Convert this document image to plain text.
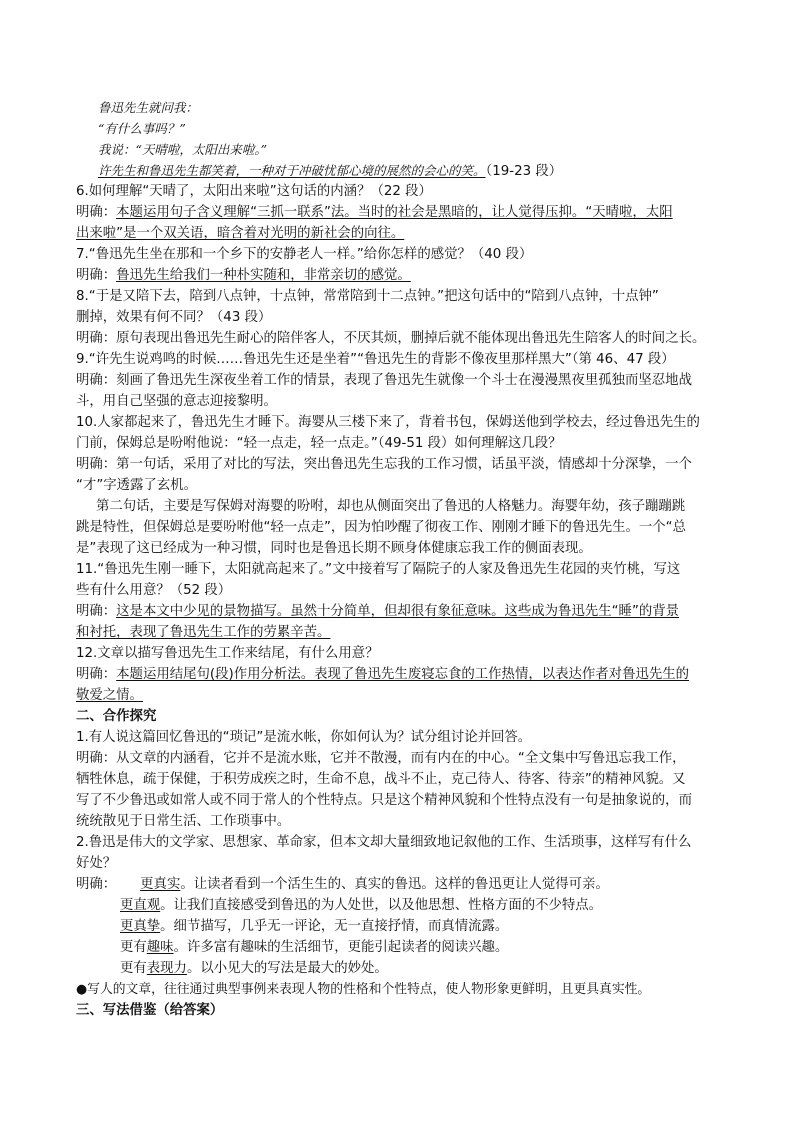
鲁迅先生就问我：
“有什么事吗？”
我说：“天晴啦，太阳出来啦。”
许先生和鲁迅先生都笑着，一种对于冲破忧郁心境的展然的会心的笑。（19-23 段）
6.如何理解“天晴了，太阳出来啦”这句话的内涵？（22 段）
明确：本题运用句子含义理解“三抓一联系”法。当时的社会是黑暗的，让人觉得压抑。“天晴啦，太阳
出来啦”是一个双关语，暗含着对光明的新社会的向往。
7.“鲁迅先生坐在那和一个乡下的安静老人一样。”给你怎样的感觉？（40 段）
明确：鲁迅先生给我们一种朴实随和，非常亲切的感觉。
8.“于是又陪下去，陪到八点钟，十点钟，常常陪到十二点钟。”把这句话中的“陪到八点钟，十点钟”
删掉，效果有何不同？（43 段）
明确：原句表现出鲁迅先生耐心的陪伴客人，不厌其烦，删掉后就不能体现出鲁迅先生陪客人的时间之长。
9.“许先生说鸡鸣的时候……鲁迅先生还是坐着”“鲁迅先生的背影不像夜里那样黑大”（第 46、47 段）
明确：刻画了鲁迅先生深夜坐着工作的情景，表现了鲁迅先生就像一个斗士在漫漫黑夜里孤独而坚忍地战
斗，用自己坚强的意志迎接黎明。
10.人家都起来了，鲁迅先生才睡下。海婴从三楼下来了，背着书包，保姆送他到学校去，经过鲁迅先生的
门前，保姆总是吩咐他说：“轻一点走，轻一点走。”（49-51 段）如何理解这几段？
明确：第一句话，采用了对比的写法，突出鲁迅先生忘我的工作习惯，话虽平淡，情感却十分深挚，一个
“才”字透露了玄机。
第二句话，主要是写保姆对海婴的吩咐，却也从侧面突出了鲁迅的人格魅力。海婴年幼，孩子蹦蹦跳
跳是特性，但保姆总是要吩咐他“轻一点走”，因为怕吵醒了彻夜工作、刚刚才睡下的鲁迅先生。一个“总
是”表现了这已经成为一种习惯，同时也是鲁迅长期不顾身体健康忘我工作的侧面表现。
11.“鲁迅先生刚一睡下，太阳就高起来了。”文中接着写了隔院子的人家及鲁迅先生花园的夹竹桃，写这
些有什么用意？（52 段）
明确：这是本文中少见的景物描写。虽然十分简单，但却很有象征意味。这些成为鲁迅先生“睡”的背景
和衬托，表现了鲁迅先生工作的劳累辛苦。
12.文章以描写鲁迅先生工作来结尾，有什么用意？
明确：本题运用结尾句(段)作用分析法。表现了鲁迅先生废寝忘食的工作热情，以表达作者对鲁迅先生的
敬爱之情。
二、合作探究
1.有人说这篇回忆鲁迅的“琐记”是流水帐，你如何认为？试分组讨论并回答。
明确：从文章的内涵看，它并不是流水账，它并不散漫，而有内在的中心。“全文集中写鲁迅忘我工作，
牺牲休息，疏于保健，于积劳成疾之时，生命不息，战斗不止，克己待人、待客、待亲”的精神风貌。又
写了不少鲁迅或如常人或不同于常人的个性特点。只是这个精神风貌和个性特点没有一句是抽象说的，而
统统散见于日常生活、工作琐事中。
2.鲁迅是伟大的文学家、思想家、革命家，但本文却大量细致地记叙他的工作、生活琐事，这样写有什么
好处？
明确： 更真实。让读者看到一个活生生的、真实的鲁迅。这样的鲁迅更让人觉得可亲。
更直观。让我们直接感受到鲁迅的为人处世，以及他思想、性格方面的不少特点。
更真挚。细节描写，几乎无一评论，无一直接抒情，而真情流露。
更有趣味。许多富有趣味的生活细节，更能引起读者的阅读兴趣。
更有表现力。以小见大的写法是最大的妙处。
●写人的文章，往往通过典型事例来表现人物的性格和个性特点，使人物形象更鲜明，且更具真实性。
三、写法借鉴（给答案）
